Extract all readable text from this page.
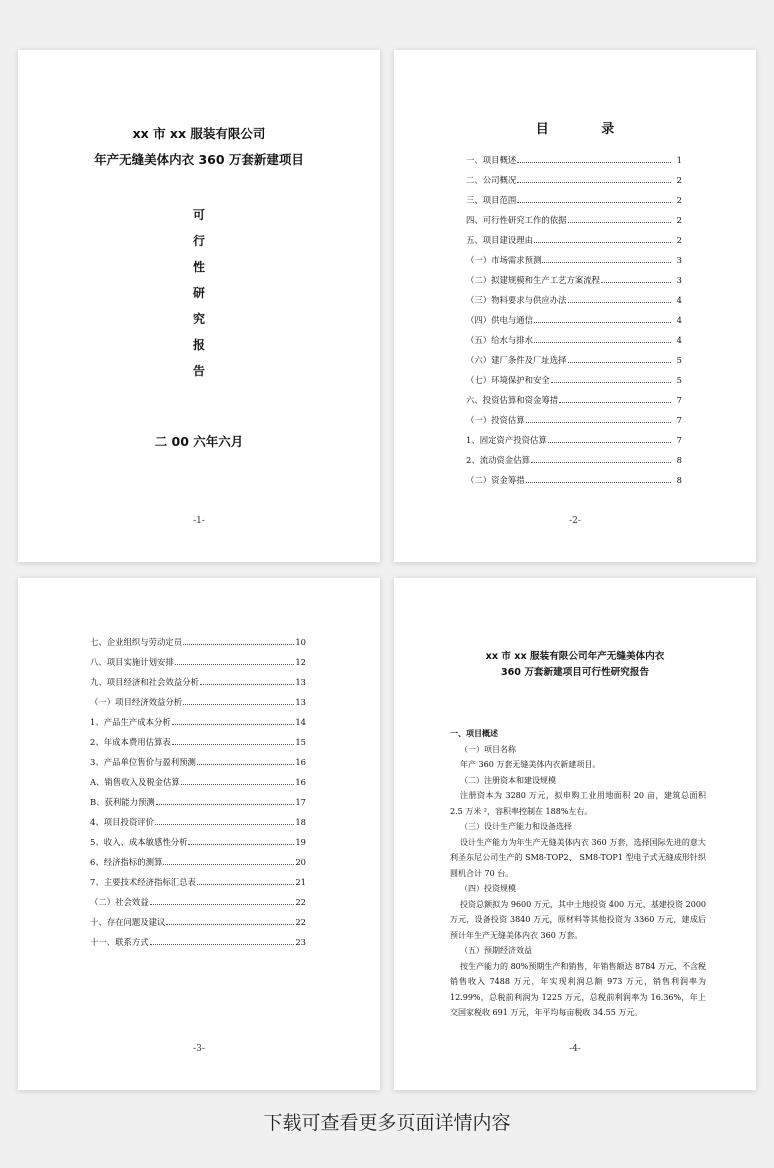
xx 市 xx 服装有限公司
年产无缝美体内衣 360 万套新建项目
可
行
性
研
究
报
告
二 00 六年六月
-1-
目 录
一、项目概述	1
二、公司概况	2
三、项目范围	2
四、可行性研究工作的依据	2
五、项目建设理由	2
（一）市场需求预测	3
（二）拟建规模和生产工艺方案流程	3
（三）物料要求与供应办法	4
（四）供电与通信	4
（五）给水与排水	4
（六）建厂条件及厂址选择	5
（七）环境保护和安全	5
六、投资估算和资金筹措	7
（一）投资估算	7
1、固定资产投资估算	7
2、流动资金估算	8
（二）资金筹措	8
-2-
七、企业组织与劳动定员	10
八、项目实施计划安排	12
九、项目经济和社会效益分析	13
（一）项目经济效益分析	13
1、产品生产成本分析	14
2、年成本费用估算表	15
3、产品单位售价与盈利预测	16
A、销售收入及税金估算	16
B、获利能力预测	17
4、项目投资评价	18
5、收入、成本敏感性分析	19
6、经济指标的测算	20
7、主要技术经济指标汇总表	21
（二）社会效益	22
十、存在问题及建议	22
十一、联系方式	23
-3-
xx 市 xx 服装有限公司年产无缝美体内衣
360 万套新建项目可行性研究报告
一、项目概述
（一）项目名称
年产 360 万套无缝美体内衣新建项目。
（二）注册资本和建设规模
注册资本为 3280 万元，拟申购工业用地面积 20 亩，建筑总面积 2.5 万米 ²，容积率控制在 188%左右。
（三）设计生产能力和设备选择
设计生产能力为年生产无缝美体内衣 360 万套，选择国际先进的意大利圣东尼公司生产的 SM8-TOP2、 SM8-TOP1 型电子式无缝成形针织圆机合计 70 台。
（四）投资规模
投资总额拟为 9600 万元，其中土地投资 400 万元，基建投资 2000 万元，设备投资 3840 万元，原材料等其他投资为 3360 万元，建成后预计年生产无缝美体内衣 360 万套。
（五）预期经济效益
按生产能力的 80%预期生产和销售，年销售额达 8784 万元，不含税销售收入 7488 万元，年实现利润总额 973 万元，销售利润率为 12.99%，总税前利润为 1225 万元，总税前利润率为 16.36%，年上交国家税收 691 万元，年平均每亩税收 34.55 万元。
-4-
下载可查看更多页面详情内容
